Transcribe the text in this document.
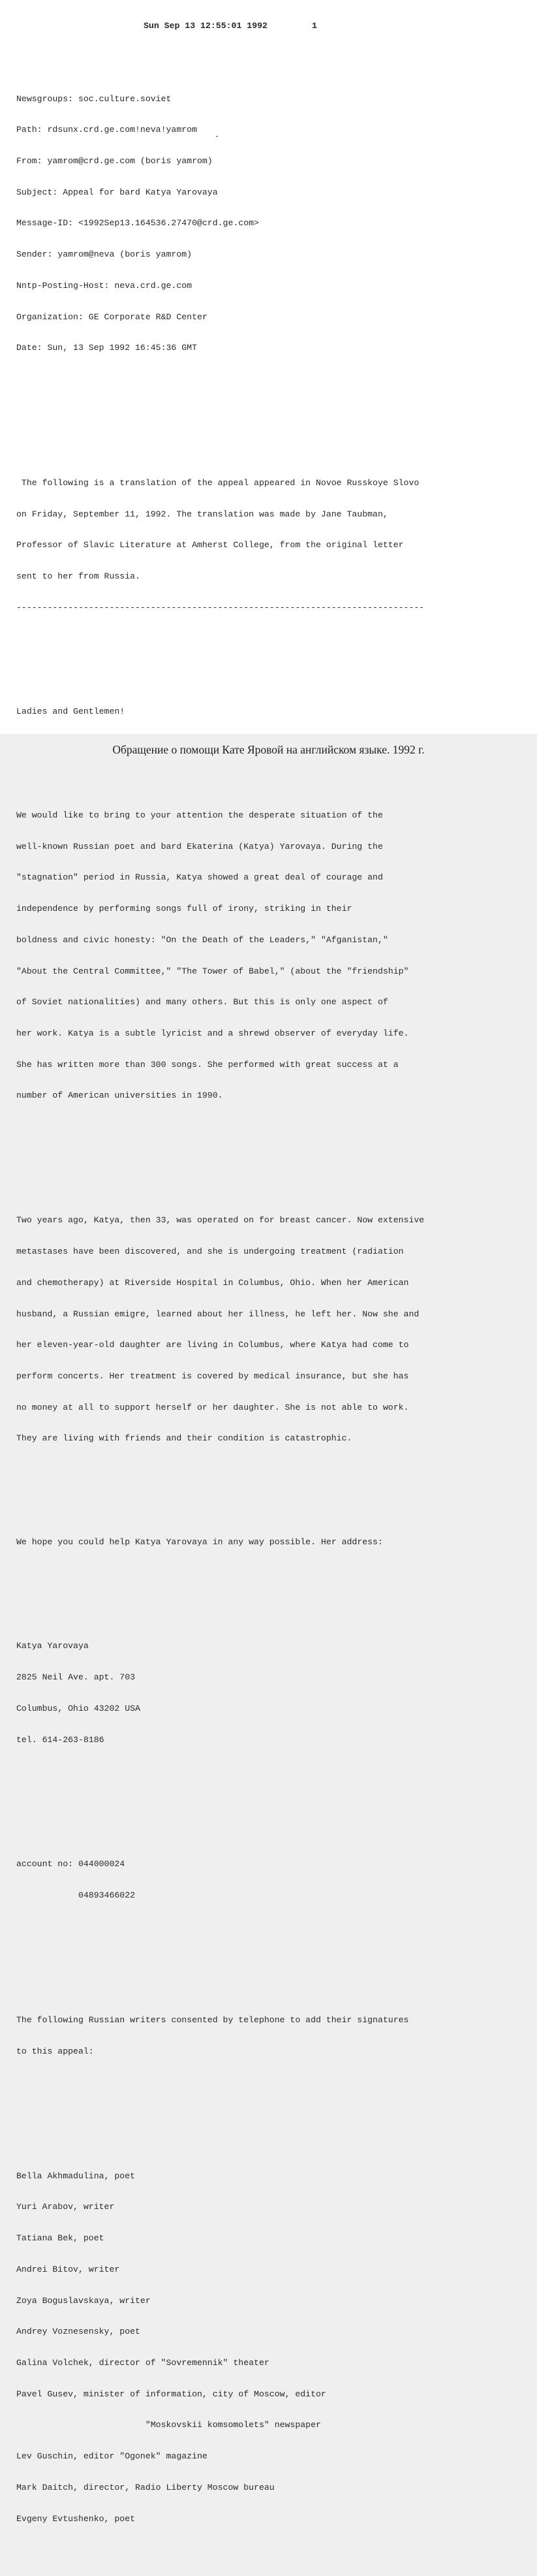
Sun Sep 13 12:55:01 1992	1

Newsgroups: soc.culture.soviet

Path: rdsunx.crd.ge.com!neva!yamrom

From: yamrom@crd.ge.com (boris yamrom)

Subject: Appeal for bard Katya Yarovaya

Message-ID: <1992Sep13.164536.27470@crd.ge.com>

Sender: yamrom@neva (boris yamrom)

Nntp-Posting-Host: neva.crd.ge.com

Organization: GE Corporate R&D Center

Date: Sun, 13 Sep 1992 16:45:36 GMT

The following is a translation of the appeal appeared in Novoe Russkoye Slovo

on Friday, September 11, 1992. The translation was made by Jane Taubman,

Professor of Slavic Literature at Amherst College, from the original letter

sent to her from Russia.

-------------------------------------------------------------------------------

Ladies and Gentlemen!

We would like to bring to your attention the desperate situation of the

well-known Russian poet and bard Ekaterina (Katya) Yarovaya. During the

"stagnation" period in Russia, Katya showed a great deal of courage and

independence by performing songs full of irony, striking in their

boldness and civic honesty: "On the Death of the Leaders," "Afganistan,"

"About the Central Committee," "The Tower of Babel," (about the "friendship"

of Soviet nationalities) and many others. But this is only one aspect of

her work. Katya is a subtle lyricist and a shrewd observer of everyday life.

She has written more than 300 songs. She performed with great success at a

number of American universities in 1990.

Two years ago, Katya, then 33, was operated on for breast cancer. Now extensive

metastases have been discovered, and she is undergoing treatment (radiation

and chemotherapy) at Riverside Hospital in Columbus, Ohio. When her American

husband, a Russian emigre, learned about her illness, he left her. Now she and

her eleven-year-old daughter are living in Columbus, where Katya had come to

perform concerts. Her treatment is covered by medical insurance, but she has

no money at all to support herself or her daughter. She is not able to work.

They are living with friends and their condition is catastrophic.

We hope you could help Katya Yarovaya in any way possible. Her address:

Katya Yarovaya

2825 Neil Ave. apt. 703

Columbus, Ohio 43202 USA

tel. 614-263-8186

account no: 044000024

04893466022

The following Russian writers consented by telephone to add their signatures

to this appeal:

Bella Akhmadulina, poet

Yuri Arabov, writer

Tatiana Bek, poet

Andrei Bitov, writer

Zoya Boguslavskaya, writer

Andrey Voznesensky, poet

Galina Volchek, director of "Sovremennik" theater

Pavel Gusev, minister of information, city of Moscow, editor

"Moskovskii komsomolets" newspaper

Lev Guschin, editor "Ogonek" magazine

Mark Daitch, director, Radio Liberty Moscow bureau

Evgeny Evtushenko, poet

Обращение о помощи Кате Яровой на английском языке. 1992 г.
